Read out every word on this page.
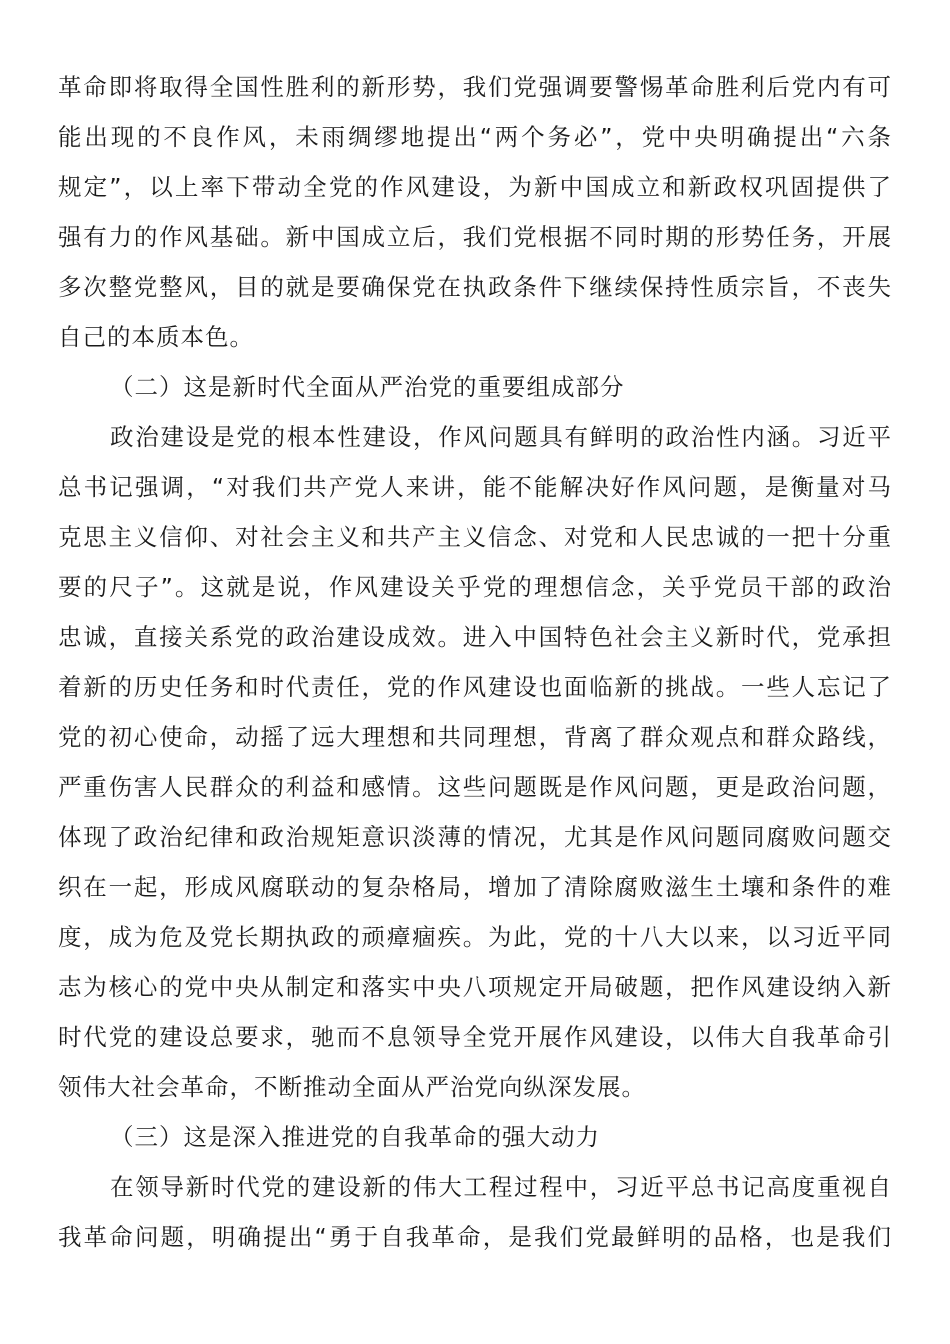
革命即将取得全国性胜利的新形势，我们党强调要警惕革命胜利后党内有可
能出现的不良作风，未雨绸缪地提出“两个务必”，党中央明确提出“六条
规定”，以上率下带动全党的作风建设，为新中国成立和新政权巩固提供了
强有力的作风基础。新中国成立后，我们党根据不同时期的形势任务，开展
多次整党整风，目的就是要确保党在执政条件下继续保持性质宗旨，不丧失
自己的本质本色。
（二）这是新时代全面从严治党的重要组成部分
政治建设是党的根本性建设，作风问题具有鲜明的政治性内涵。习近平
总书记强调，“对我们共产党人来讲，能不能解决好作风问题，是衡量对马
克思主义信仰、对社会主义和共产主义信念、对党和人民忠诚的一把十分重
要的尺子”。这就是说，作风建设关乎党的理想信念，关乎党员干部的政治
忠诚，直接关系党的政治建设成效。进入中国特色社会主义新时代，党承担
着新的历史任务和时代责任，党的作风建设也面临新的挑战。一些人忘记了
党的初心使命，动摇了远大理想和共同理想，背离了群众观点和群众路线，
严重伤害人民群众的利益和感情。这些问题既是作风问题，更是政治问题，
体现了政治纪律和政治规矩意识淡薄的情况，尤其是作风问题同腐败问题交
织在一起，形成风腐联动的复杂格局，增加了清除腐败滋生土壤和条件的难
度，成为危及党长期执政的顽瘴痼疾。为此，党的十八大以来，以习近平同
志为核心的党中央从制定和落实中央八项规定开局破题，把作风建设纳入新
时代党的建设总要求，驰而不息领导全党开展作风建设，以伟大自我革命引
领伟大社会革命，不断推动全面从严治党向纵深发展。
（三）这是深入推进党的自我革命的强大动力
在领导新时代党的建设新的伟大工程过程中，习近平总书记高度重视自
我革命问题，明确提出“勇于自我革命，是我们党最鲜明的品格，也是我们
